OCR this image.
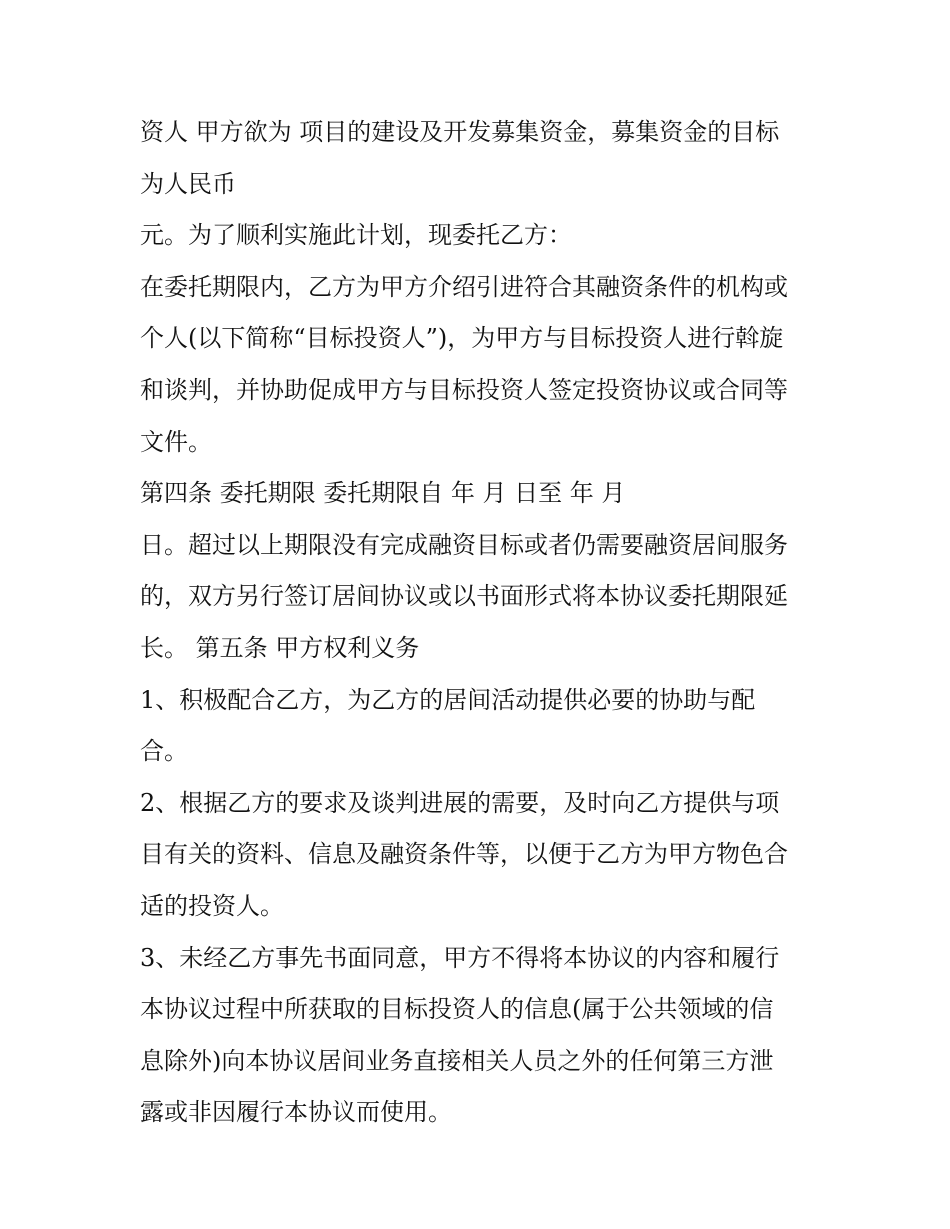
资人 甲方欲为 项目的建设及开发募集资金，募集资金的目标
为人民币
元。为了顺利实施此计划，现委托乙方：
在委托期限内，乙方为甲方介绍引进符合其融资条件的机构或
个人(以下简称“目标投资人”)，为甲方与目标投资人进行斡旋
和谈判，并协助促成甲方与目标投资人签定投资协议或合同等
文件。
第四条 委托期限 委托期限自 年 月 日至 年 月
日。超过以上期限没有完成融资目标或者仍需要融资居间服务
的，双方另行签订居间协议或以书面形式将本协议委托期限延
长。 第五条 甲方权利义务
1、积极配合乙方，为乙方的居间活动提供必要的协助与配
合。
2、根据乙方的要求及谈判进展的需要，及时向乙方提供与项
目有关的资料、信息及融资条件等，以便于乙方为甲方物色合
适的投资人。
3、未经乙方事先书面同意，甲方不得将本协议的内容和履行
本协议过程中所获取的目标投资人的信息(属于公共领域的信
息除外)向本协议居间业务直接相关人员之外的任何第三方泄
露或非因履行本协议而使用。
